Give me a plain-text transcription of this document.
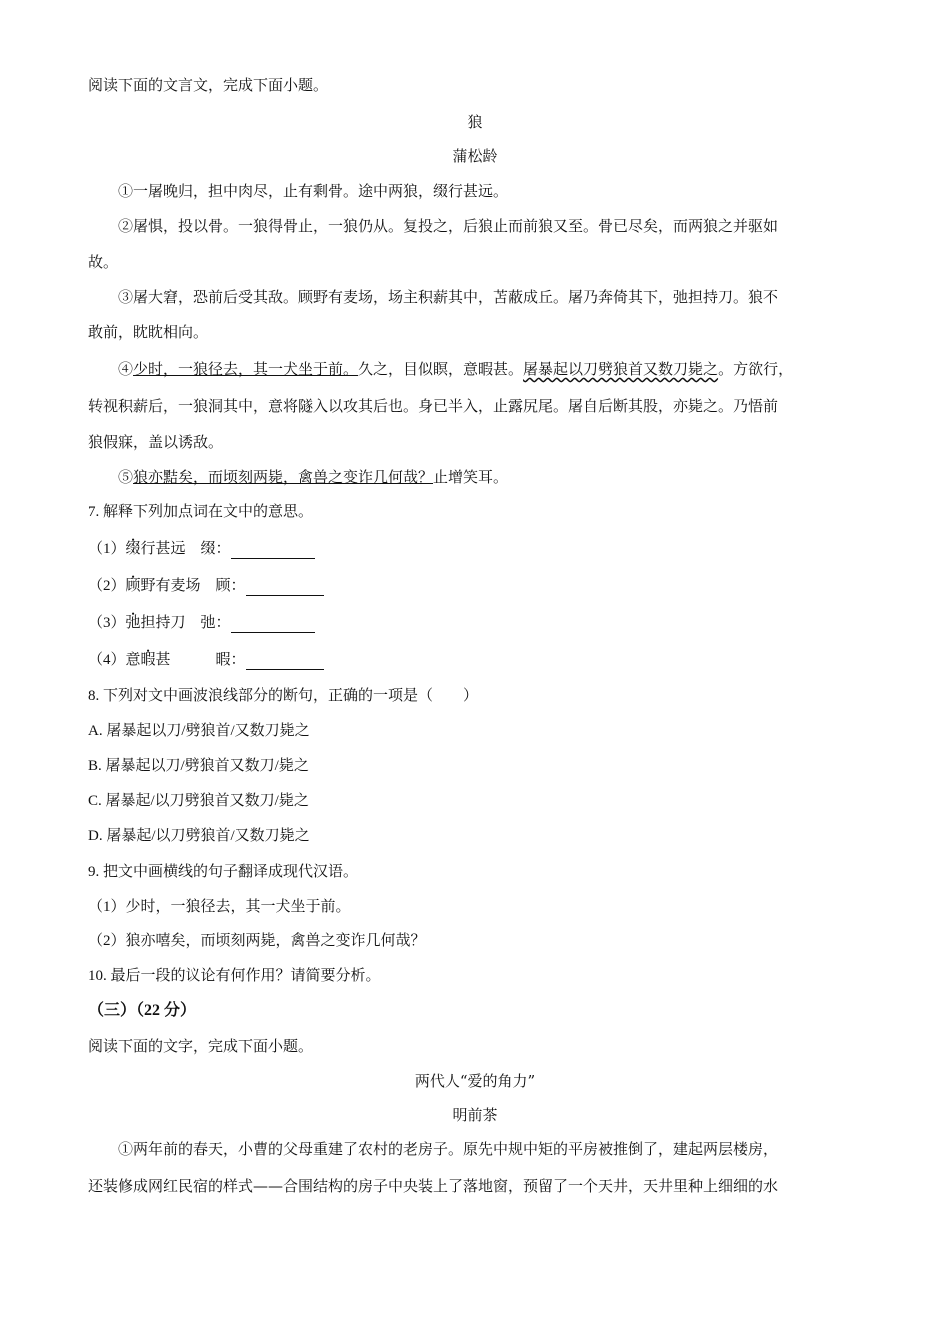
阅读下面的文言文，完成下面小题。
狼
蒲松龄
①一屠晚归，担中肉尽，止有剩骨。途中两狼，缀行甚远。
②屠惧，投以骨。一狼得骨止，一狼仍从。复投之，后狼止而前狼又至。骨已尽矣，而两狼之并驱如
故。
③屠大窘，恐前后受其敌。顾野有麦场，场主积薪其中，苫蔽成丘。屠乃奔倚其下，弛担持刀。狼不
敢前，眈眈相向。
④少时，一狼径去，其一犬坐于前。久之，目似瞑，意暇甚。屠暴起以刀劈狼首又数刀毙之。方欲行，
转视积薪后，一狼洞其中，意将隧入以攻其后也。身已半入，止露尻尾。屠自后断其股，亦毙之。乃悟前
狼假寐，盖以诱敌。
⑤狼亦黠矣，而顷刻两毙，禽兽之变诈几何哉？止增笑耳。
7. 解释下列加点词在文中的意思。
（1）缀行甚远　缀：
（2）顾野有麦场　顾：
（3）弛担持刀　弛：
（4）意暇甚　　　暇：
8. 下列对文中画波浪线部分的断句，正确的一项是（　　）
A. 屠暴起以刀/劈狼首/又数刀毙之
B. 屠暴起以刀/劈狼首又数刀/毙之
C. 屠暴起/以刀劈狼首又数刀/毙之
D. 屠暴起/以刀劈狼首/又数刀毙之
9. 把文中画横线的句子翻译成现代汉语。
（1）少时，一狼径去，其一犬坐于前。
（2）狼亦嘻矣，而顷刻两毙，禽兽之变诈几何哉？
10. 最后一段的议论有何作用？请简要分析。
（三）（22 分）
阅读下面的文字，完成下面小题。
两代人“爱的角力”
明前茶
①两年前的春天，小曹的父母重建了农村的老房子。原先中规中矩的平房被推倒了，建起两层楼房，
还装修成网红民宿的样式——合围结构的房子中央装上了落地窗，预留了一个天井，天井里种上细细的水
